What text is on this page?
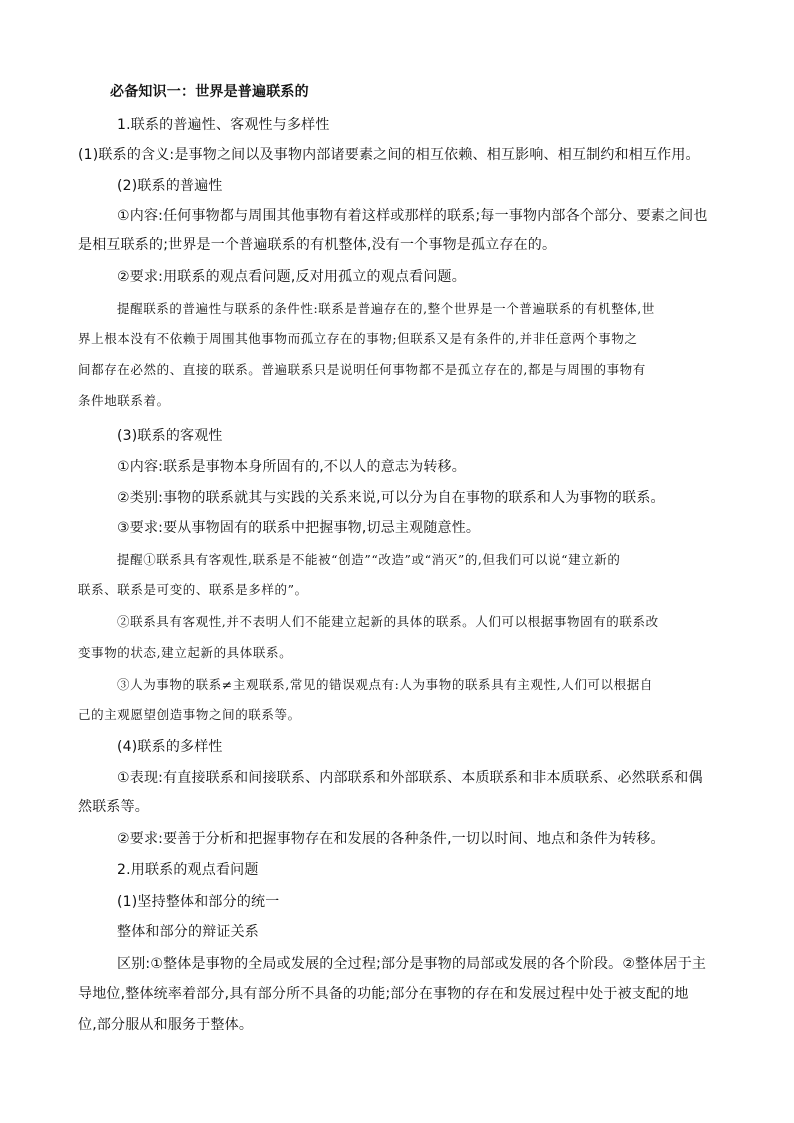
必备知识一：世界是普遍联系的
1.联系的普遍性、客观性与多样性
(1)联系的含义:是事物之间以及事物内部诸要素之间的相互依赖、相互影响、相互制约和相互作用。
(2)联系的普遍性
①内容:任何事物都与周围其他事物有着这样或那样的联系;每一事物内部各个部分、要素之间也
是相互联系的;世界是一个普遍联系的有机整体,没有一个事物是孤立存在的。
②要求:用联系的观点看问题,反对用孤立的观点看问题。
提醒联系的普遍性与联系的条件性:联系是普遍存在的,整个世界是一个普遍联系的有机整体,世
界上根本没有不依赖于周围其他事物而孤立存在的事物;但联系又是有条件的,并非任意两个事物之
间都存在必然的、直接的联系。普遍联系只是说明任何事物都不是孤立存在的,都是与周围的事物有
条件地联系着。
(3)联系的客观性
①内容:联系是事物本身所固有的,不以人的意志为转移。
②类别:事物的联系就其与实践的关系来说,可以分为自在事物的联系和人为事物的联系。
③要求:要从事物固有的联系中把握事物,切忌主观随意性。
提醒①联系具有客观性,联系是不能被“创造”“改造”或“消灭”的,但我们可以说“建立新的
联系、联系是可变的、联系是多样的”。
②联系具有客观性,并不表明人们不能建立起新的具体的联系。人们可以根据事物固有的联系改
变事物的状态,建立起新的具体联系。
③人为事物的联系≠主观联系,常见的错误观点有:人为事物的联系具有主观性,人们可以根据自
己的主观愿望创造事物之间的联系等。
(4)联系的多样性
①表现:有直接联系和间接联系、内部联系和外部联系、本质联系和非本质联系、必然联系和偶
然联系等。
②要求:要善于分析和把握事物存在和发展的各种条件,一切以时间、地点和条件为转移。
2.用联系的观点看问题
(1)坚持整体和部分的统一
整体和部分的辩证关系
区别:①整体是事物的全局或发展的全过程;部分是事物的局部或发展的各个阶段。②整体居于主
导地位,整体统率着部分,具有部分所不具备的功能;部分在事物的存在和发展过程中处于被支配的地
位,部分服从和服务于整体。
